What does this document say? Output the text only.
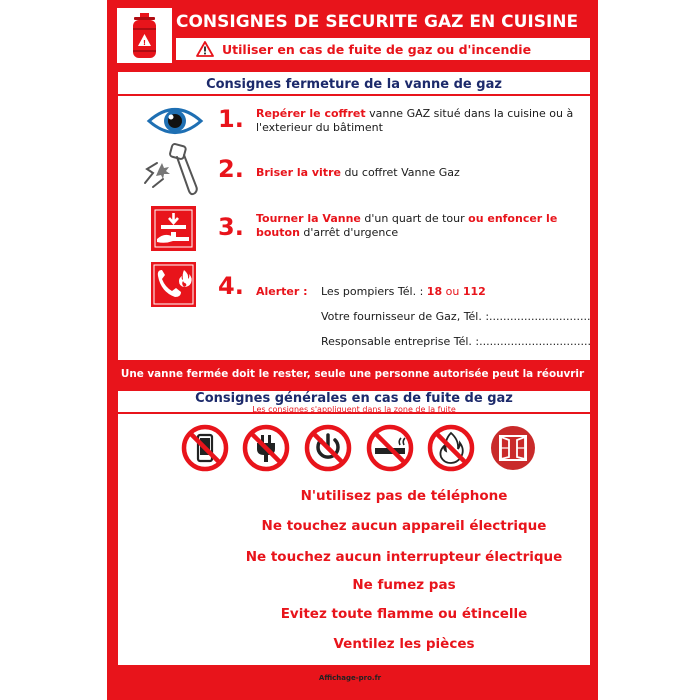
!
CONSIGNES DE SECURITE GAZ EN CUISINE
Utiliser en cas de fuite de gaz ou d'incendie
Consignes fermeture de la vanne de gaz
1. Repérer le coffret vanne GAZ situé dans la cuisine ou à l'exterieur du bâtiment
2. Briser la vitre du coffret Vanne Gaz
3. Tourner la Vanne d'un quart de tour ou enfoncer le bouton d'arrêt d'urgence
4. Alerter : Les pompiers Tél. : 18 ou 112
Votre fournisseur de Gaz, Tél. :.............................
Responsable entreprise Tél. :................................
Une vanne fermée doit le rester, seule une personne autorisée peut la réouvrir
Consignes générales en cas de fuite de gaz
Les consignes s'appliquent dans la zone de la fuite
N'utilisez pas de téléphone
Ne touchez aucun appareil électrique
Ne touchez aucun interrupteur électrique
Ne fumez pas
Evitez toute flamme ou étincelle
Ventilez les pièces
Affichage-pro.fr
